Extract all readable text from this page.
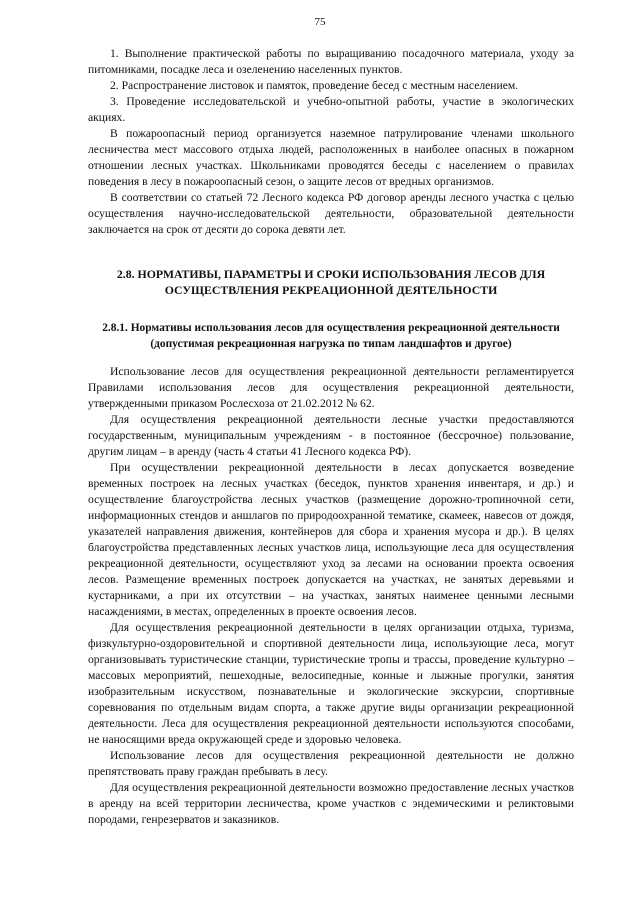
75

1. Выполнение практической работы по выращиванию посадочного материала, уходу за питомниками, посадке леса и озеленению населенных пунктов.

2. Распространение листовок и памяток, проведение бесед с местным населением.

3. Проведение исследовательской и учебно-опытной работы, участие в экологических акциях.

В пожароопасный период организуется наземное патрулирование членами школьного лесничества мест массового отдыха людей, расположенных в наиболее опасных в пожарном отношении лесных участках. Школьниками проводятся беседы с населением о правилах поведения в лесу в пожароопасный сезон, о защите лесов от вредных организмов.

В соответствии со статьей 72 Лесного кодекса РФ договор аренды лесного участка с целью осуществления научно-исследовательской деятельности, образовательной деятельности заключается на срок от десяти до сорока девяти лет.

2.8. НОРМАТИВЫ, ПАРАМЕТРЫ И СРОКИ ИСПОЛЬЗОВАНИЯ ЛЕСОВ ДЛЯ
ОСУЩЕСТВЛЕНИЯ РЕКРЕАЦИОННОЙ ДЕЯТЕЛЬНОСТИ
2.8.1. Нормативы использования лесов для осуществления рекреационной деятельности
(допустимая рекреационная нагрузка по типам ландшафтов и другое)

Использование лесов для осуществления рекреационной деятельности регламентируется Правилами использования лесов для осуществления рекреационной деятельности, утвержденными приказом Рослесхоза от 21.02.2012 № 62.

Для осуществления рекреационной деятельности лесные участки предоставляются государственным, муниципальным учреждениям - в постоянное (бессрочное) пользование, другим лицам – в аренду (часть 4 статьи 41 Лесного кодекса РФ).

При осуществлении рекреационной деятельности в лесах допускается возведение временных построек на лесных участках (беседок, пунктов хранения инвентаря, и др.) и осуществление благоустройства лесных участков (размещение дорожно-тропиночной сети, информационных стендов и аншлагов по природоохранной тематике, скамеек, навесов от дождя, указателей направления движения, контейнеров для сбора и хранения мусора и др.). В целях благоустройства представленных лесных участков лица, использующие леса для осуществления рекреационной деятельности, осуществляют уход за лесами на основании проекта освоения лесов. Размещение временных построек допускается на участках, не занятых деревьями и кустарниками, а при их отсутствии – на участках, занятых наименее ценными лесными насаждениями, в местах, определенных в проекте освоения лесов.

Для осуществления рекреационной деятельности в целях организации отдыха, туризма, физкультурно-оздоровительной и спортивной деятельности лица, использующие леса, могут организовывать туристические станции, туристические тропы и трассы, проведение культурно – массовых мероприятий, пешеходные, велосипедные, конные и лыжные прогулки, занятия изобразительным искусством, познавательные и экологические экскурсии, спортивные соревнования по отдельным видам спорта, а также другие виды организации рекреационной деятельности. Леса для осуществления рекреационной деятельности используются способами, не наносящими вреда окружающей среде и здоровью человека.

Использование лесов для осуществления рекреационной деятельности не должно препятствовать праву граждан пребывать в лесу.

Для осуществления рекреационной деятельности возможно предоставление лесных участков в аренду на всей территории лесничества, кроме участков с эндемическими и реликтовыми породами, генрезерватов и заказников.
